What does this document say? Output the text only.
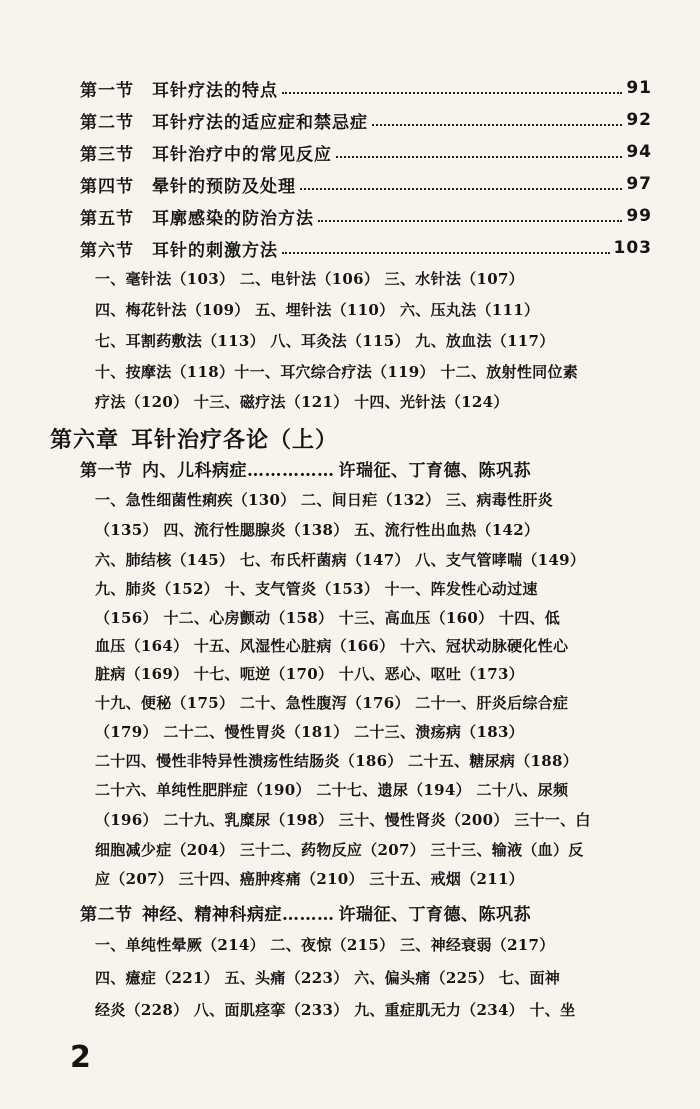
第一节	耳针疗法的特点	91
第二节	耳针疗法的适应症和禁忌症	92
第三节	耳针治疗中的常见反应	94
第四节	晕针的预防及处理	97
第五节	耳廓感染的防治方法	99
第六节	耳针的刺激方法	103
一、毫针法（103） 二、电针法（106） 三、水针法（107）
四、梅花针法（109） 五、埋针法（110） 六、压丸法（111）
七、耳割药敷法（113） 八、耳灸法（115） 九、放血法（117）
十、按摩法（118）十一、耳穴综合疗法（119） 十二、放射性同位素
疗法（120） 十三、磁疗法（121） 十四、光针法（124）
第六章 耳针治疗各论（上）
第一节 内、儿科病症…………… 许瑞征、丁育德、陈巩荪
一、急性细菌性痢疾（130） 二、间日疟（132） 三、病毒性肝炎
（135） 四、流行性腮腺炎（138） 五、流行性出血热（142）
六、肺结核（145） 七、布氏杆菌病（147） 八、支气管哮喘（149）
九、肺炎（152） 十、支气管炎（153） 十一、阵发性心动过速
（156） 十二、心房颤动（158） 十三、高血压（160） 十四、低
血压（164） 十五、风湿性心脏病（166） 十六、冠状动脉硬化性心
脏病（169） 十七、呃逆（170） 十八、恶心、呕吐（173）
十九、便秘（175） 二十、急性腹泻（176） 二十一、肝炎后综合症
（179） 二十二、慢性胃炎（181） 二十三、溃疡病（183）
二十四、慢性非特异性溃疡性结肠炎（186） 二十五、糖尿病（188）
二十六、单纯性肥胖症（190） 二十七、遗尿（194） 二十八、尿频
（196） 二十九、乳糜尿（198） 三十、慢性肾炎（200） 三十一、白
细胞减少症（204） 三十二、药物反应（207） 三十三、输液（血）反
应（207） 三十四、癌肿疼痛（210） 三十五、戒烟（211）
第二节 神经、精神科病症……… 许瑞征、丁育德、陈巩荪
一、单纯性晕厥（214） 二、夜惊（215） 三、神经衰弱（217）
四、癔症（221） 五、头痛（223） 六、偏头痛（225） 七、面神
经炎（228） 八、面肌痉挛（233） 九、重症肌无力（234） 十、坐
2
